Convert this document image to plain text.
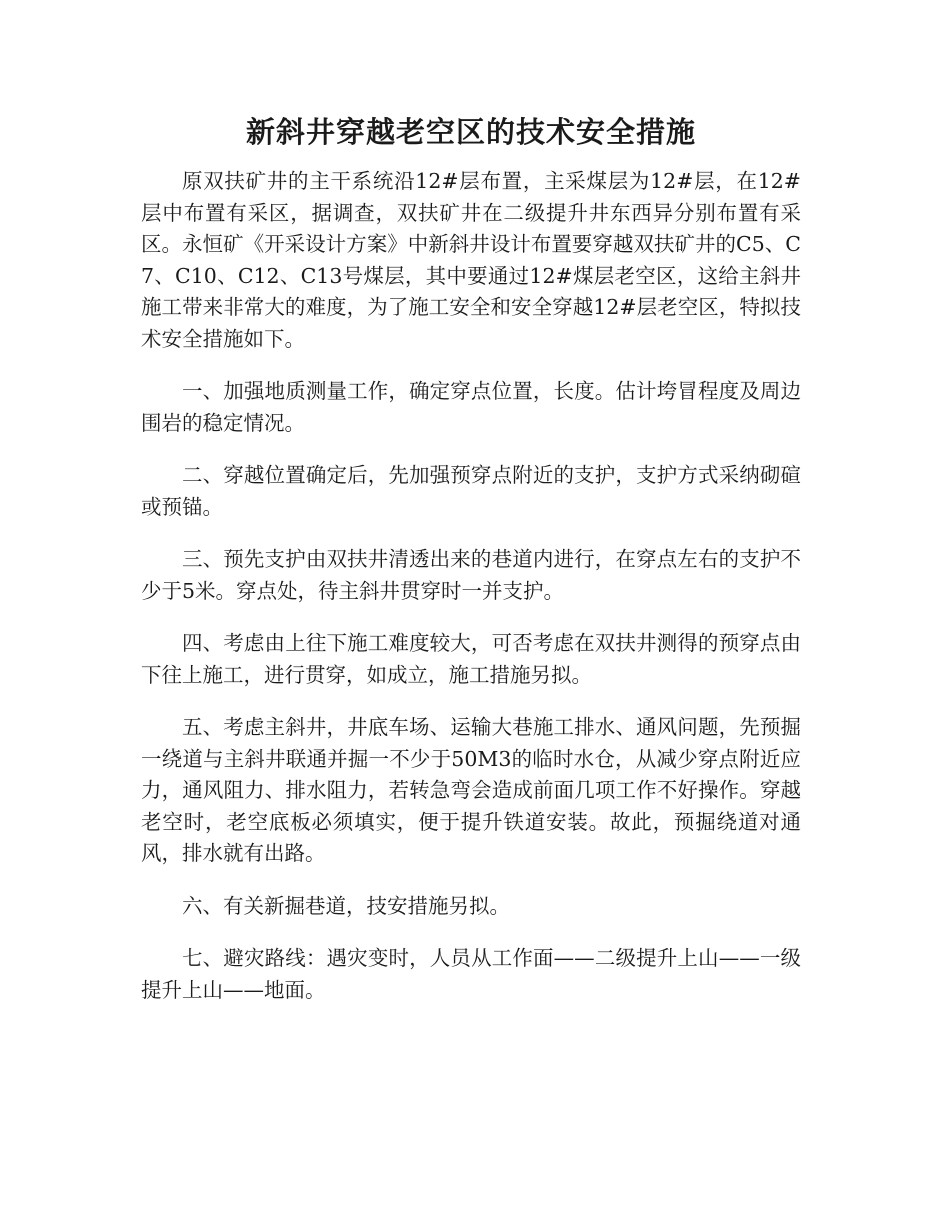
新斜井穿越老空区的技术安全措施

原双扶矿井的主干系统沿12#层布置，主采煤层为12#层，在12#层中布置有采区，据调查，双扶矿井在二级提升井东西异分别布置有采区。永恒矿《开采设计方案》中新斜井设计布置要穿越双扶矿井的C5、C7、C10、C12、C13号煤层，其中要通过12#煤层老空区，这给主斜井施工带来非常大的难度，为了施工安全和安全穿越12#层老空区，特拟技术安全措施如下。

一、加强地质测量工作，确定穿点位置，长度。估计垮冒程度及周边围岩的稳定情况。

二、穿越位置确定后，先加强预穿点附近的支护，支护方式采纳砌碹或预锚。

三、预先支护由双扶井清透出来的巷道内进行，在穿点左右的支护不少于5米。穿点处，待主斜井贯穿时一并支护。

四、考虑由上往下施工难度较大，可否考虑在双扶井测得的预穿点由下往上施工，进行贯穿，如成立，施工措施另拟。

五、考虑主斜井，井底车场、运输大巷施工排水、通风问题，先预掘一绕道与主斜井联通并掘一不少于50M3的临时水仓，从减少穿点附近应力，通风阻力、排水阻力，若转急弯会造成前面几项工作不好操作。穿越老空时，老空底板必须填实，便于提升铁道安装。故此，预掘绕道对通风，排水就有出路。

六、有关新掘巷道，技安措施另拟。

七、避灾路线：遇灾变时，人员从工作面——二级提升上山——一级提升上山——地面。
